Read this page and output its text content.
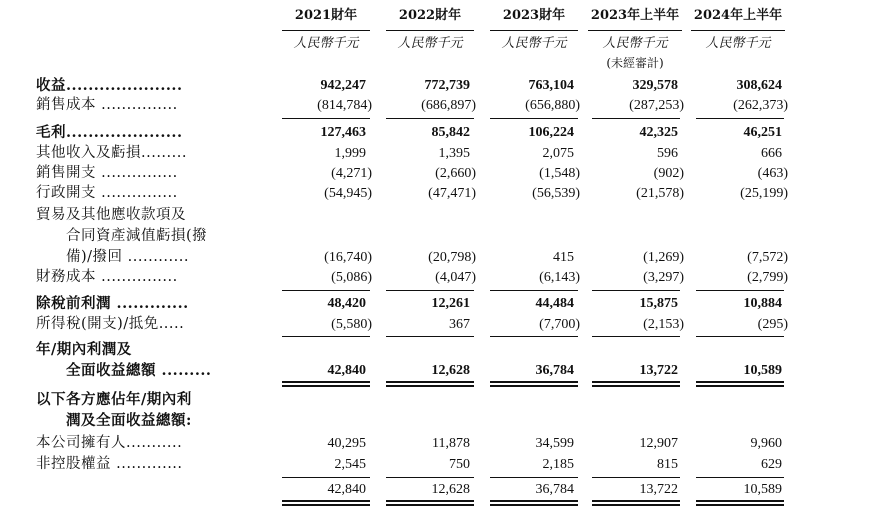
2021財年	2022財年	2023財年	2023年上半年	2024年上半年
人民幣千元	人民幣千元	人民幣千元	人民幣千元	人民幣千元
(未經審計)
收益.....................	942,247	772,739	763,104	329,578	308,624
銷售成本 ...............	(814,784)	(686,897)	(656,880)	(287,253)	(262,373)
毛利.....................	127,463	85,842	106,224	42,325	46,251
其他收入及虧損.........	1,999	1,395	2,075	596	666
銷售開支 ...............	(4,271)	(2,660)	(1,548)	(902)	(463)
行政開支 ...............	(54,945)	(47,471)	(56,539)	(21,578)	(25,199)
貿易及其他應收款項及
合同資產減值虧損(撥
備)/撥回 ............	(16,740)	(20,798)	415	(1,269)	(7,572)
財務成本 ...............	(5,086)	(4,047)	(6,143)	(3,297)	(2,799)
除稅前利潤 .............	48,420	12,261	44,484	15,875	10,884
所得稅(開支)/抵免.....	(5,580)	367	(7,700)	(2,153)	(295)
年/期內利潤及
全面收益總額 .........	42,840	12,628	36,784	13,722	10,589
以下各方應佔年/期內利
潤及全面收益總額:
本公司擁有人...........	40,295	11,878	34,599	12,907	9,960
非控股權益 .............	2,545	750	2,185	815	629
42,840	12,628	36,784	13,722	10,589
